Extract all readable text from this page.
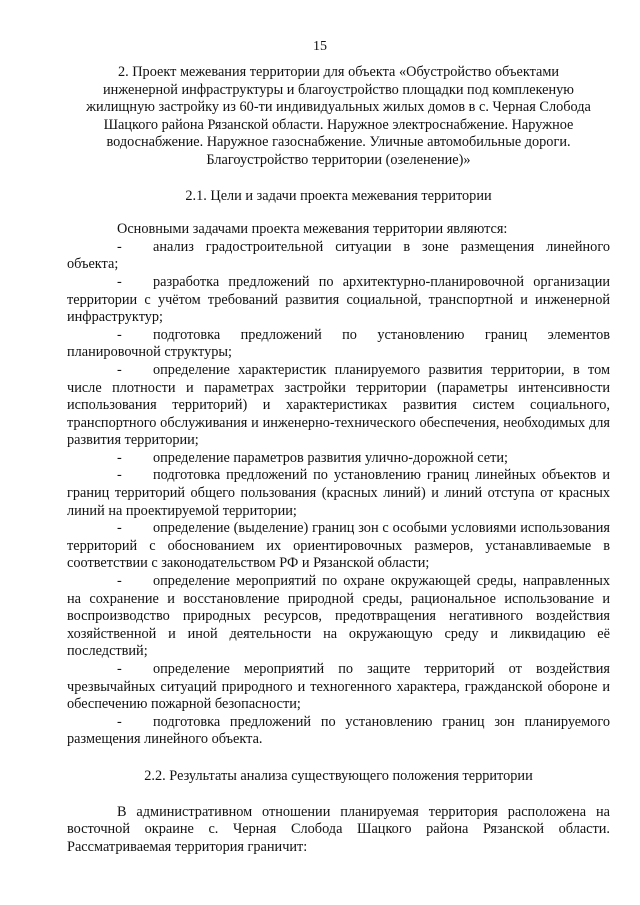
15

2. Проект межевания территории для объекта «Обустройство объектами
инженерной инфраструктуры и благоустройство площадки под комплекеную
жилищную застройку из 60-ти индивидуальных жилых домов в с. Черная Слобода
Шацкого района Рязанской области. Наружное электроснабжение. Наружное
водоснабжение. Наружное газоснабжение. Уличные автомобильные дороги.
Благоустройство территории (озеленение)»

2.1. Цели и задачи проекта межевания территории

Основными задачами проекта межевания территории являются:

- анализ градостроительной ситуации в зоне размещения линейного объекта;
- разработка предложений по архитектурно-планировочной организации территории с учётом требований развития социальной, транспортной и инженерной инфраструктур;
- подготовка предложений по установлению границ элементов планировочной структуры;
- определение характеристик планируемого развития территории, в том числе плотности и параметрах застройки территории (параметры интенсивности использования территорий) и характеристиках развития систем социального, транспортного обслуживания и инженерно-технического обеспечения, необходимых для развития территории;
- определение параметров развития улично-дорожной сети;
- подготовка предложений по установлению границ линейных объектов и границ территорий общего пользования (красных линий) и линий отступа от красных линий на проектируемой территории;
- определение (выделение) границ зон с особыми условиями использования территорий с обоснованием их ориентировочных размеров, устанавливаемые в соответствии с законодательством РФ и Рязанской области;
- определение мероприятий по охране окружающей среды, направленных на сохранение и восстановление природной среды, рациональное использование и воспроизводство природных ресурсов, предотвращения негативного воздействия хозяйственной и иной деятельности на окружающую среду и ликвидацию её последствий;
- определение мероприятий по защите территорий от воздействия чрезвычайных ситуаций природного и техногенного характера, гражданской обороне и обеспечению пожарной безопасности;
- подготовка предложений по установлению границ зон планируемого размещения линейного объекта.

2.2. Результаты анализа существующего положения территории

В административном отношении планируемая территория расположена на восточной окраине с. Черная Слобода Шацкого района Рязанской области. Рассматриваемая территория граничит:
